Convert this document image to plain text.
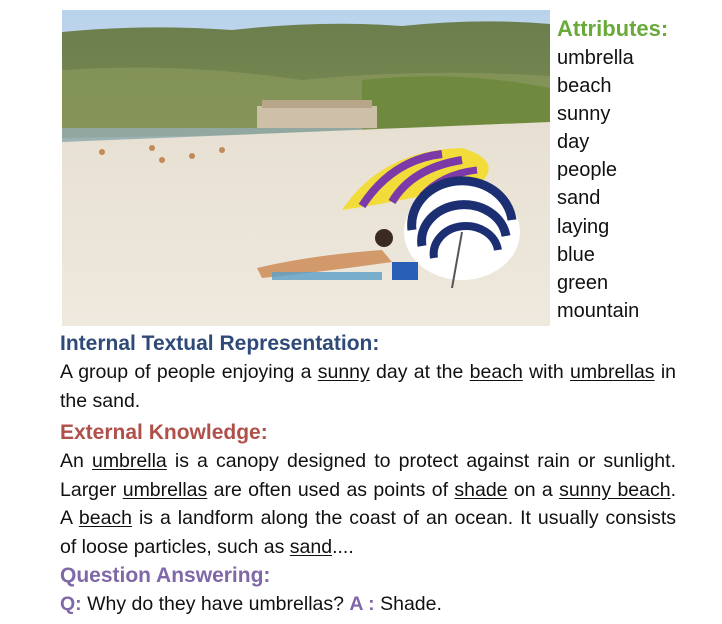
Attributes:
umbrella
beach
sunny
day
people
sand
laying
blue
green
mountain
Internal Textual Representation:
A group of people enjoying a sunny day at the beach with umbrellas in the sand.
External Knowledge:
An umbrella is a canopy designed to protect against rain or sunlight. Larger umbrellas are often used as points of shade on a sunny beach. A beach is a landform along the coast of an ocean. It usually consists of loose particles, such as sand....
Question Answering:
Q: Why do they have umbrellas? A : Shade.
